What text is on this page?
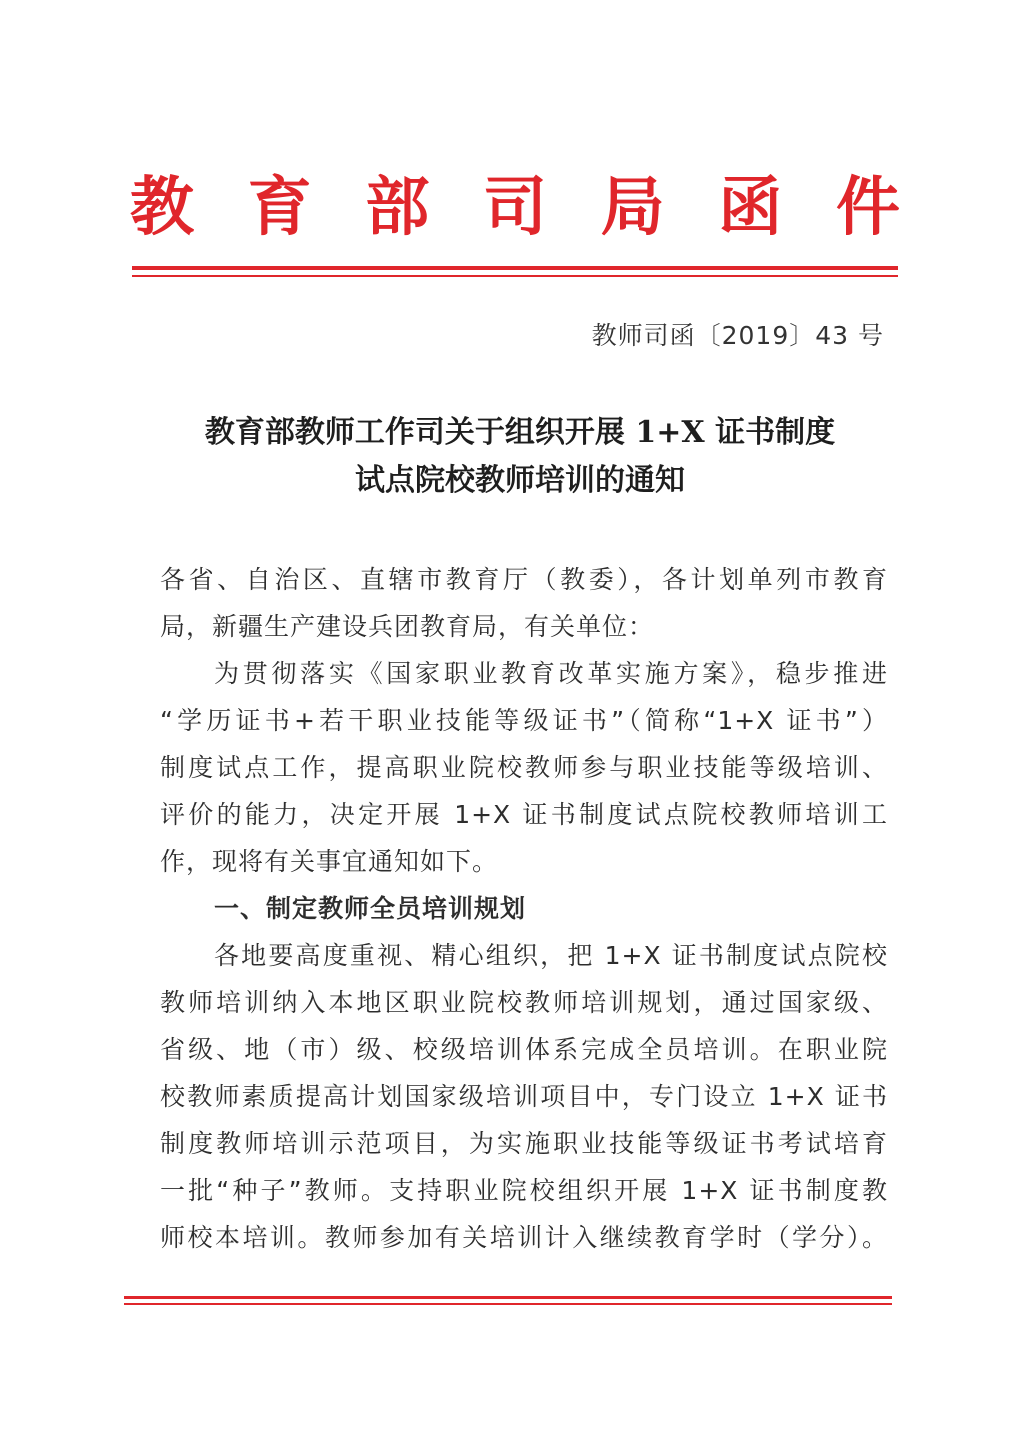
教 育 部 司 局 函 件
教师司函〔2019〕43 号
教育部教师工作司关于组织开展 1+X 证书制度
试点院校教师培训的通知
各省、自治区、直辖市教育厅（教委），各计划单列市教育
局，新疆生产建设兵团教育局，有关单位：
为贯彻落实《国家职业教育改革实施方案》，稳步推进
“学历证书+若干职业技能等级证书”（简称“1+X 证书”）
制度试点工作，提高职业院校教师参与职业技能等级培训、
评价的能力，决定开展 1+X 证书制度试点院校教师培训工
作，现将有关事宜通知如下。
一、制定教师全员培训规划
各地要高度重视、精心组织，把 1+X 证书制度试点院校
教师培训纳入本地区职业院校教师培训规划，通过国家级、
省级、地（市）级、校级培训体系完成全员培训。在职业院
校教师素质提高计划国家级培训项目中，专门设立 1+X 证书
制度教师培训示范项目，为实施职业技能等级证书考试培育
一批“种子”教师。支持职业院校组织开展 1+X 证书制度教
师校本培训。教师参加有关培训计入继续教育学时（学分）。
